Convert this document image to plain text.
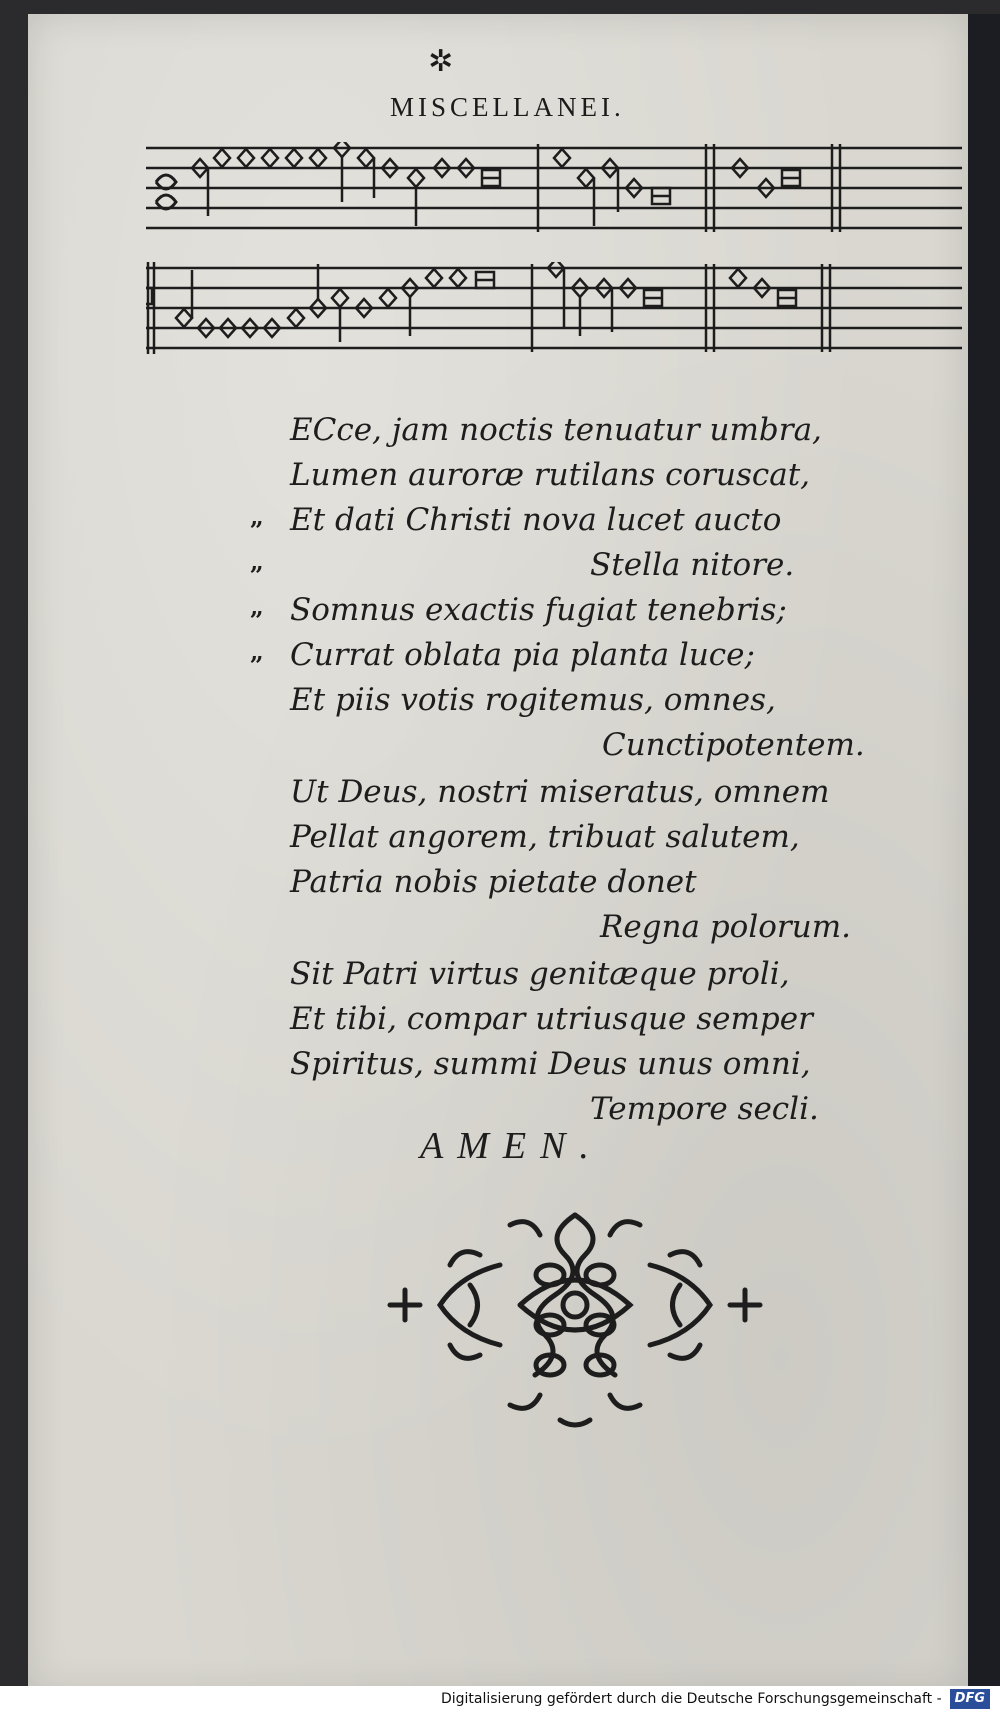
✲
MISCELLANEI.
ECce, jam noctis tenuatur umbra,
Lumen auroræ rutilans coruscat,
„ Et dati Christi nova lucet aucto
„	Stella nitore.
„ Somnus exactis fugiat tenebris;
„ Currat oblata pia planta luce;
Et piis votis rogitemus, omnes,
Cunctipotentem.
Ut Deus, nostri miseratus, omnem
Pellat angorem, tribuat salutem,
Patria nobis pietate donet
Regna polorum.
Sit Patri virtus genitæque proli,
Et tibi, compar utriusque semper
Spiritus, summi Deus unus omni,
Tempore secli.
AMEN.
Digitalisierung gefördert durch die Deutsche Forschungsgemeinschaft - DFG
